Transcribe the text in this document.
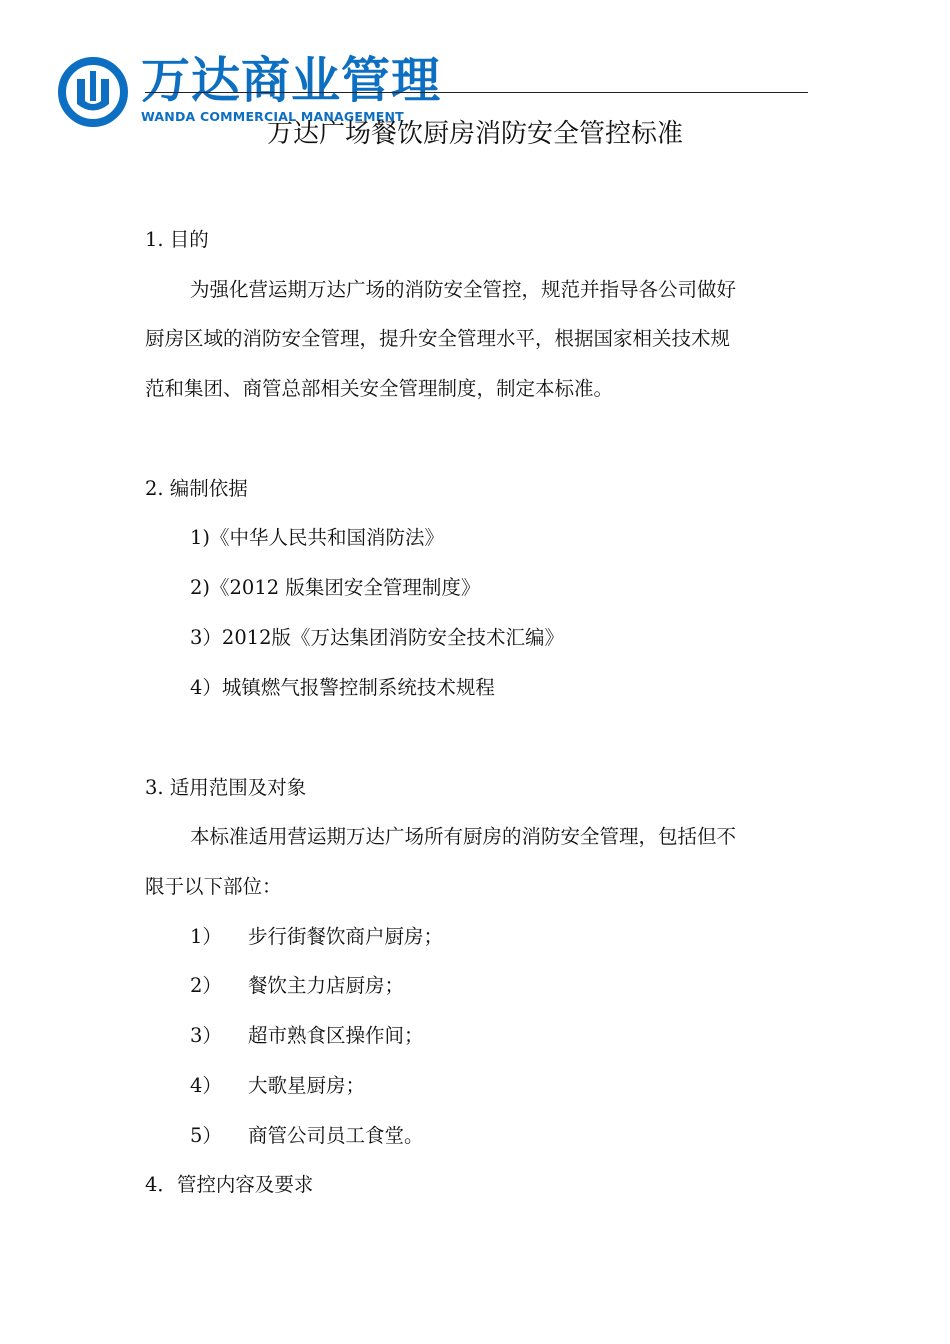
万达商业管理
WANDA COMMERCIAL MANAGEMENT
万达广场餐饮厨房消防安全管控标准

1. 目的

为强化营运期万达广场的消防安全管控，规范并指导各公司做好

厨房区域的消防安全管理，提升安全管理水平，根据国家相关技术规

范和集团、商管总部相关安全管理制度，制定本标准。

2. 编制依据

1)《中华人民共和国消防法》

2)《2012 版集团安全管理制度》

3）2012版《万达集团消防安全技术汇编》

4）城镇燃气报警控制系统技术规程

3. 适用范围及对象

本标准适用营运期万达广场所有厨房的消防安全管理，包括但不

限于以下部位：

1） 步行街餐饮商户厨房；

2） 餐饮主力店厨房；

3） 超市熟食区操作间；

4） 大歌星厨房；

5） 商管公司员工食堂。

4．管控内容及要求
